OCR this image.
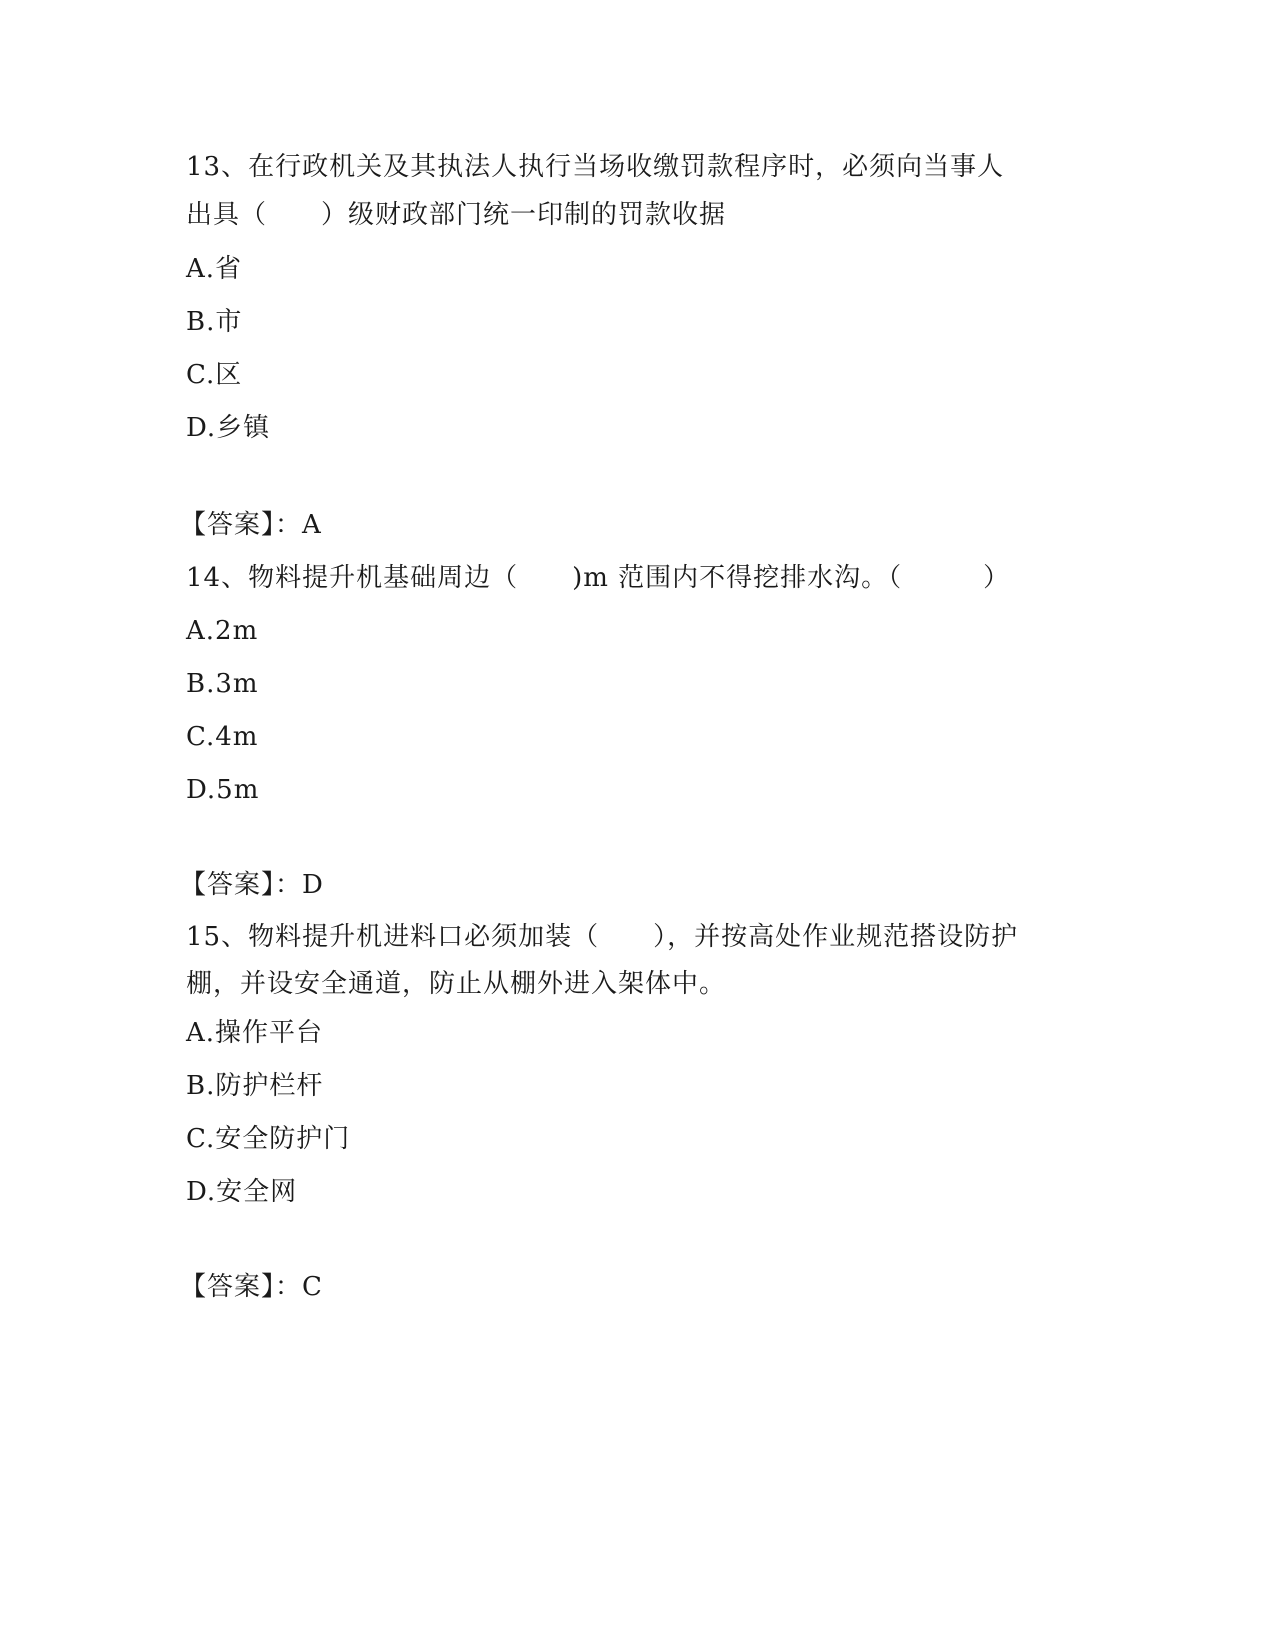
13、在行政机关及其执法人执行当场收缴罚款程序时，必须向当事人
出具（　　）级财政部门统一印制的罚款收据
A.省
B.市
C.区
D.乡镇
【答案】：A
14、物料提升机基础周边（　　)m 范围内不得挖排水沟。（　　　）
A.2m
B.3m
C.4m
D.5m
【答案】：D
15、物料提升机进料口必须加装（　　），并按高处作业规范搭设防护
棚，并设安全通道，防止从棚外进入架体中。
A.操作平台
B.防护栏杆
C.安全防护门
D.安全网
【答案】：C
